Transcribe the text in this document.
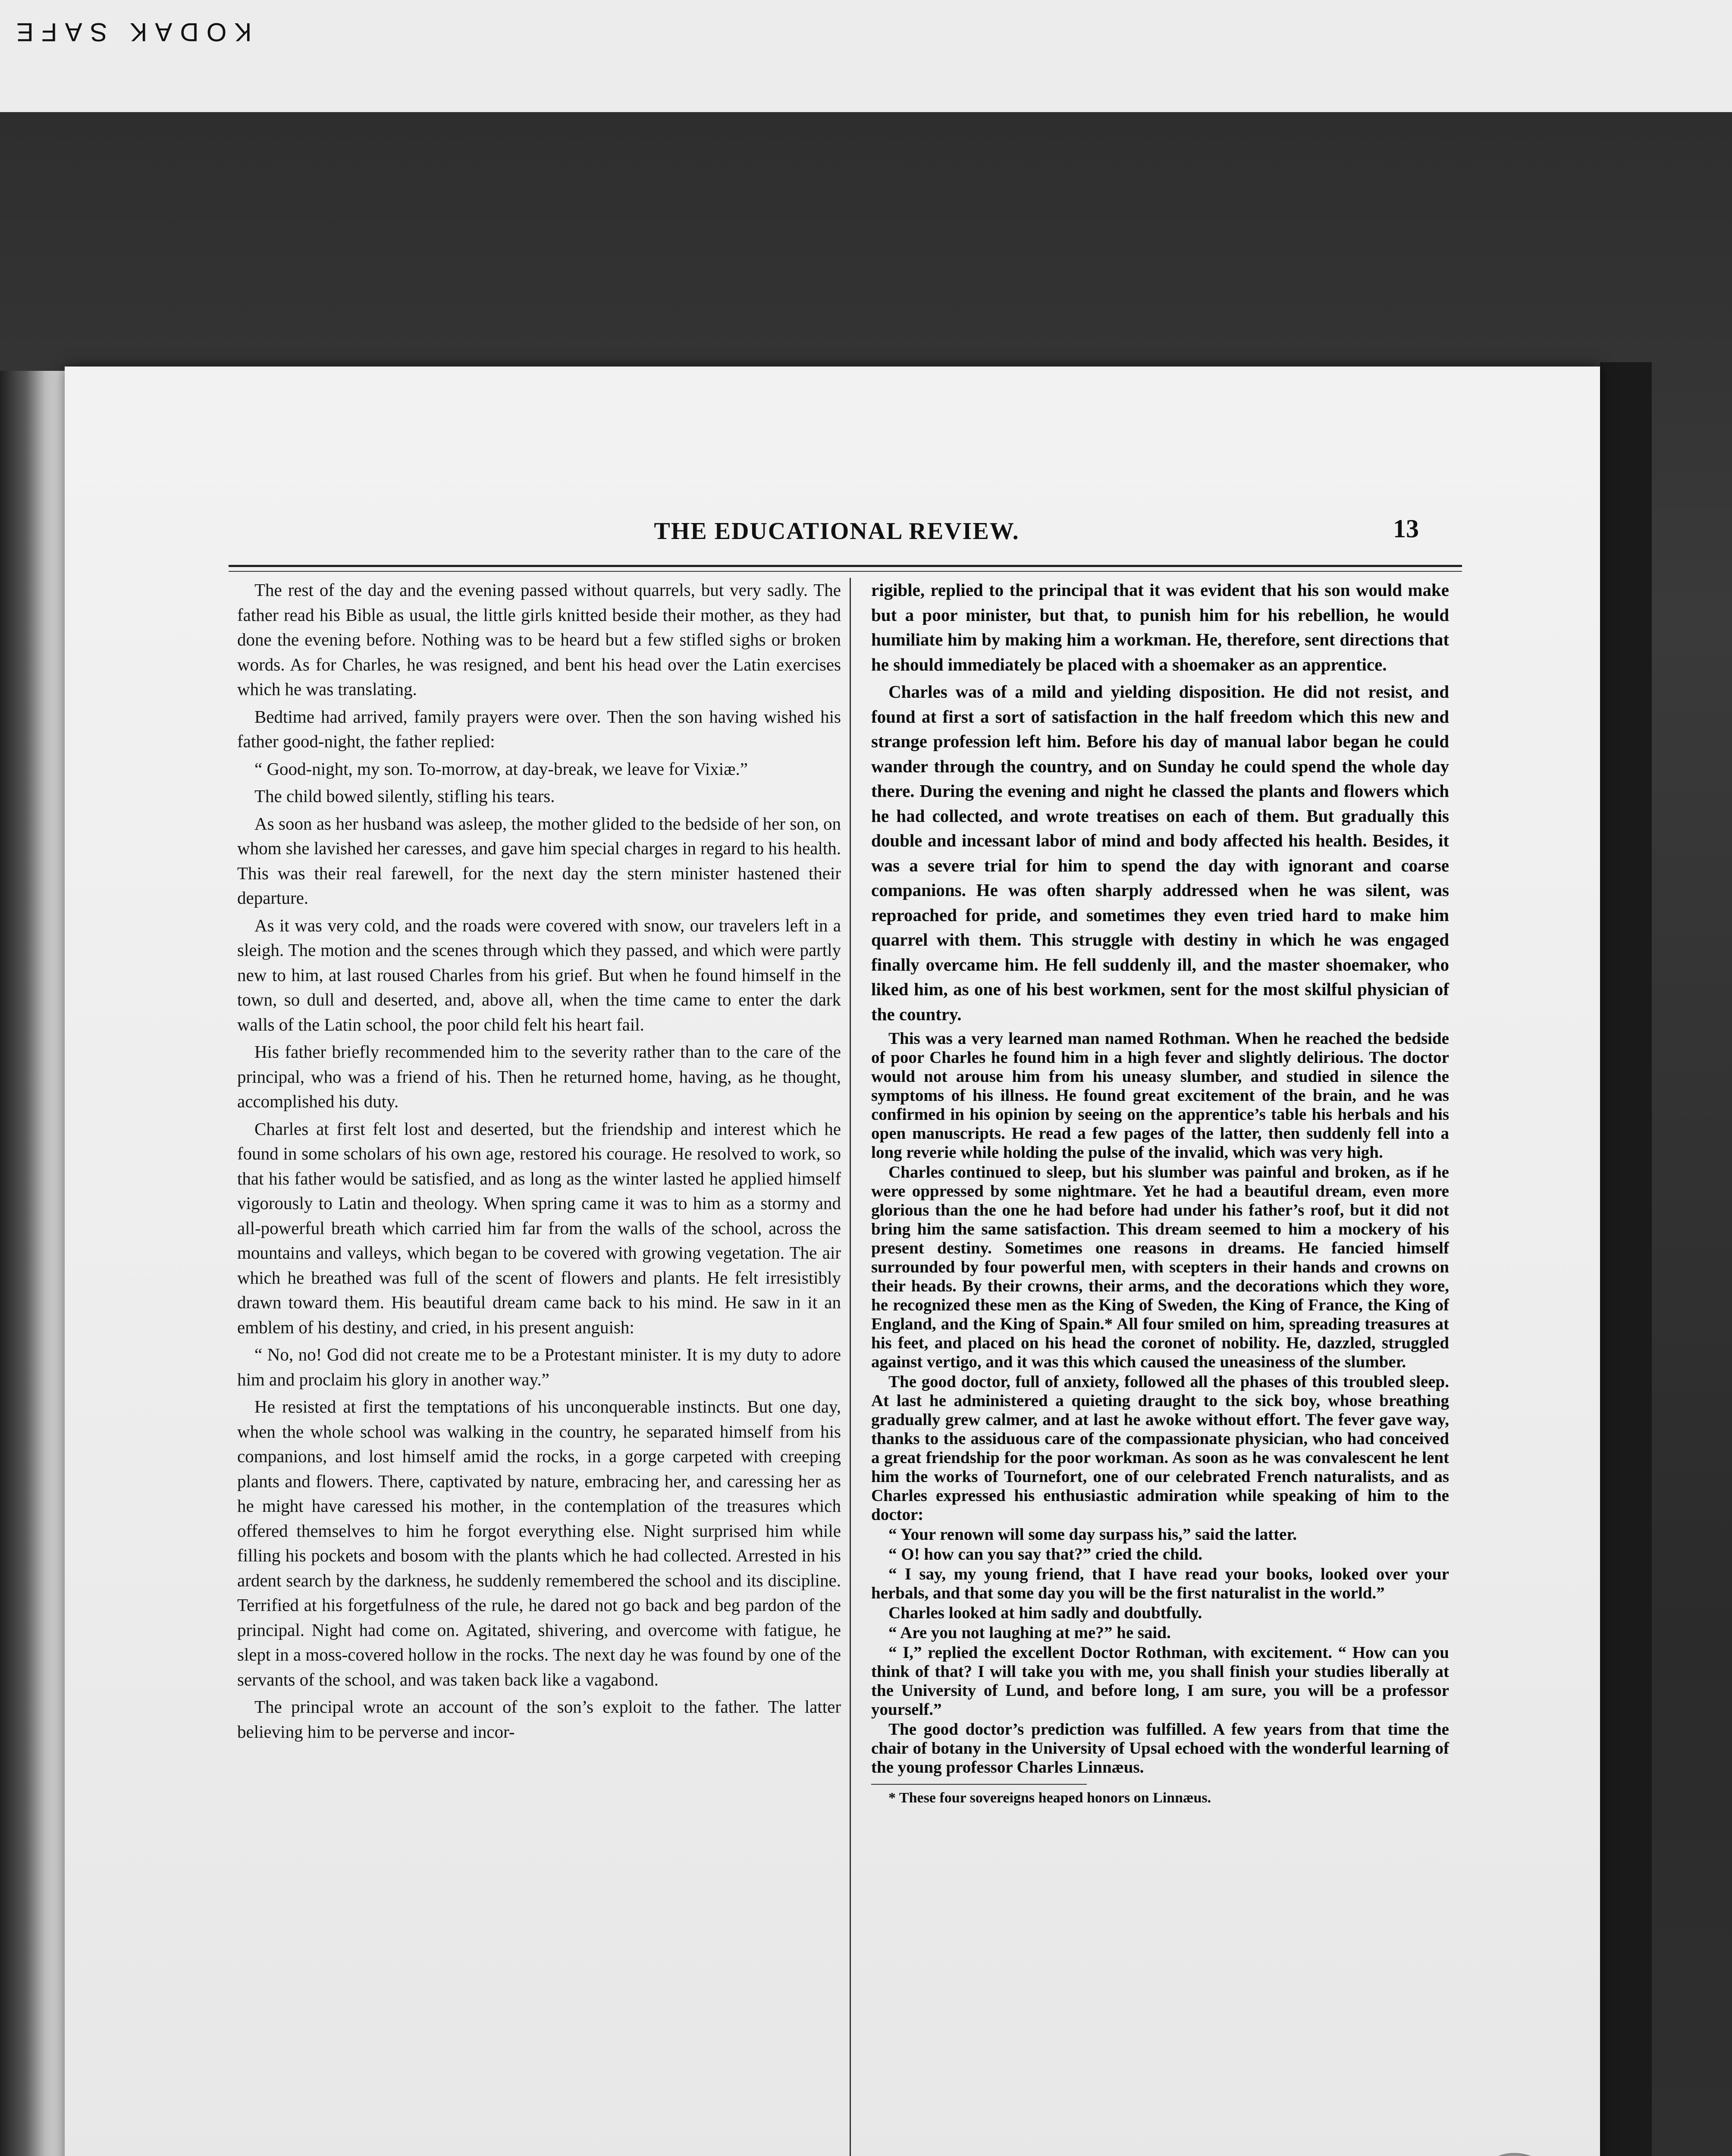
KODAK SAFE
THE EDUCATIONAL REVIEW.	13

The rest of the day and the evening passed without quarrels, but very sadly. The father read his Bible as usual, the little girls knitted beside their mother, as they had done the evening before. Nothing was to be heard but a few stifled sighs or broken words. As for Charles, he was resigned, and bent his head over the Latin exercises which he was translating.

Bedtime had arrived, family prayers were over. Then the son having wished his father good-night, the father replied:

“ Good-night, my son. To-morrow, at day-break, we leave for Vixiæ.”

The child bowed silently, stifling his tears.

As soon as her husband was asleep, the mother glided to the bedside of her son, on whom she lavished her caresses, and gave him special charges in regard to his health. This was their real farewell, for the next day the stern minister hastened their departure.

As it was very cold, and the roads were covered with snow, our travelers left in a sleigh. The motion and the scenes through which they passed, and which were partly new to him, at last roused Charles from his grief. But when he found himself in the town, so dull and deserted, and, above all, when the time came to enter the dark walls of the Latin school, the poor child felt his heart fail.

His father briefly recommended him to the severity rather than to the care of the principal, who was a friend of his. Then he returned home, having, as he thought, accomplished his duty.

Charles at first felt lost and deserted, but the friendship and interest which he found in some scholars of his own age, restored his courage. He resolved to work, so that his father would be satisfied, and as long as the winter lasted he applied himself vigorously to Latin and theology. When spring came it was to him as a stormy and all-powerful breath which carried him far from the walls of the school, across the mountains and valleys, which began to be covered with growing vegetation. The air which he breathed was full of the scent of flowers and plants. He felt irresistibly drawn toward them. His beautiful dream came back to his mind. He saw in it an emblem of his destiny, and cried, in his present anguish:

“ No, no! God did not create me to be a Protestant minister. It is my duty to adore him and proclaim his glory in another way.”

He resisted at first the temptations of his unconquerable instincts. But one day, when the whole school was walking in the country, he separated himself from his companions, and lost himself amid the rocks, in a gorge carpeted with creeping plants and flowers. There, captivated by nature, embracing her, and caressing her as he might have caressed his mother, in the contemplation of the treasures which offered themselves to him he forgot everything else. Night surprised him while filling his pockets and bosom with the plants which he had collected. Arrested in his ardent search by the darkness, he suddenly remembered the school and its discipline. Terrified at his forgetfulness of the rule, he dared not go back and beg pardon of the principal. Night had come on. Agitated, shivering, and overcome with fatigue, he slept in a moss-covered hollow in the rocks. The next day he was found by one of the servants of the school, and was taken back like a vagabond.

The principal wrote an account of the son’s exploit to the father. The latter believing him to be perverse and incor-

rigible, replied to the principal that it was evident that his son would make but a poor minister, but that, to punish him for his rebellion, he would humiliate him by making him a workman. He, therefore, sent directions that he should immediately be placed with a shoemaker as an apprentice.

Charles was of a mild and yielding disposition. He did not resist, and found at first a sort of satisfaction in the half freedom which this new and strange profession left him. Before his day of manual labor began he could wander through the country, and on Sunday he could spend the whole day there. During the evening and night he classed the plants and flowers which he had collected, and wrote treatises on each of them. But gradually this double and incessant labor of mind and body affected his health. Besides, it was a severe trial for him to spend the day with ignorant and coarse companions. He was often sharply addressed when he was silent, was reproached for pride, and sometimes they even tried hard to make him quarrel with them. This struggle with destiny in which he was engaged finally overcame him. He fell suddenly ill, and the master shoemaker, who liked him, as one of his best workmen, sent for the most skilful physician of the country.

This was a very learned man named Rothman. When he reached the bedside of poor Charles he found him in a high fever and slightly delirious. The doctor would not arouse him from his uneasy slumber, and studied in silence the symptoms of his illness. He found great excitement of the brain, and he was confirmed in his opinion by seeing on the apprentice’s table his herbals and his open manuscripts. He read a few pages of the latter, then suddenly fell into a long reverie while holding the pulse of the invalid, which was very high.

Charles continued to sleep, but his slumber was painful and broken, as if he were oppressed by some nightmare. Yet he had a beautiful dream, even more glorious than the one he had before had under his father’s roof, but it did not bring him the same satisfaction. This dream seemed to him a mockery of his present destiny. Sometimes one reasons in dreams. He fancied himself surrounded by four powerful men, with scepters in their hands and crowns on their heads. By their crowns, their arms, and the decorations which they wore, he recognized these men as the King of Sweden, the King of France, the King of England, and the King of Spain.* All four smiled on him, spreading treasures at his feet, and placed on his head the coronet of nobility. He, dazzled, struggled against vertigo, and it was this which caused the uneasiness of the slumber.

The good doctor, full of anxiety, followed all the phases of this troubled sleep. At last he administered a quieting draught to the sick boy, whose breathing gradually grew calmer, and at last he awoke without effort. The fever gave way, thanks to the assiduous care of the compassionate physician, who had conceived a great friendship for the poor workman. As soon as he was convalescent he lent him the works of Tournefort, one of our celebrated French naturalists, and as Charles expressed his enthusiastic admiration while speaking of him to the doctor:

“ Your renown will some day surpass his,” said the latter.

“ O! how can you say that?” cried the child.

“ I say, my young friend, that I have read your books, looked over your herbals, and that some day you will be the first naturalist in the world.”

Charles looked at him sadly and doubtfully.

“ Are you not laughing at me?” he said.

“ I,” replied the excellent Doctor Rothman, with excitement. “ How can you think of that? I will take you with me, you shall finish your studies liberally at the University of Lund, and before long, I am sure, you will be a professor yourself.”

The good doctor’s prediction was fulfilled. A few years from that time the chair of botany in the University of Upsal echoed with the wonderful learning of the young professor Charles Linnæus.

* These four sovereigns heaped honors on Linnæus.
